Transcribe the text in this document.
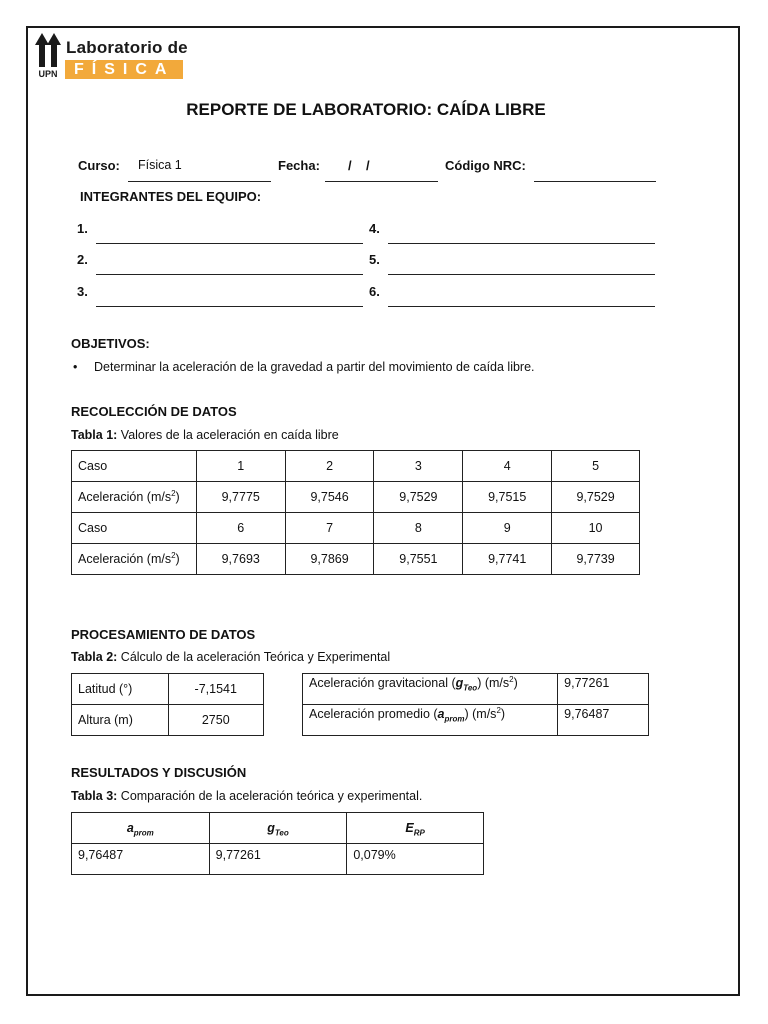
UPN
Laboratorio de
FÍSICA
REPORTE DE LABORATORIO: CAÍDA LIBRE
Curso: Física 1	Fecha: /    /	Código NRC:
INTEGRANTES DEL EQUIPO:
1.
2.
3.
4.
5.
6.
OBJETIVOS:
• Determinar la aceleración de la gravedad a partir del movimiento de caída libre.
RECOLECCIÓN DE DATOS
Tabla 1: Valores de la aceleración en caída libre
Caso	1	2	3	4	5
Aceleración $(m/s^2)$	9,7775	9,7546	9,7529	9,7515	9,7529
Caso	6	7	8	9	10
Aceleración $(m/s^2)$	9,7693	9,7869	9,7551	9,7741	9,7739
PROCESAMIENTO DE DATOS
Tabla 2: Cálculo de la aceleración Teórica y Experimental
Latitud (°)	-7,1541
Altura (m)	2750
Aceleración gravitacional $(g_{Teo})$ $(m/s^2)$	9,77261
Aceleración promedio $(a_{prom})$ $(m/s^2)$	9,76487
RESULTADOS Y DISCUSIÓN
Tabla 3: Comparación de la aceleración teórica y experimental.
$a_{prom}$	$g_{Teo}$	$E_{RP}$
9,76487	9,77261	0,079%
